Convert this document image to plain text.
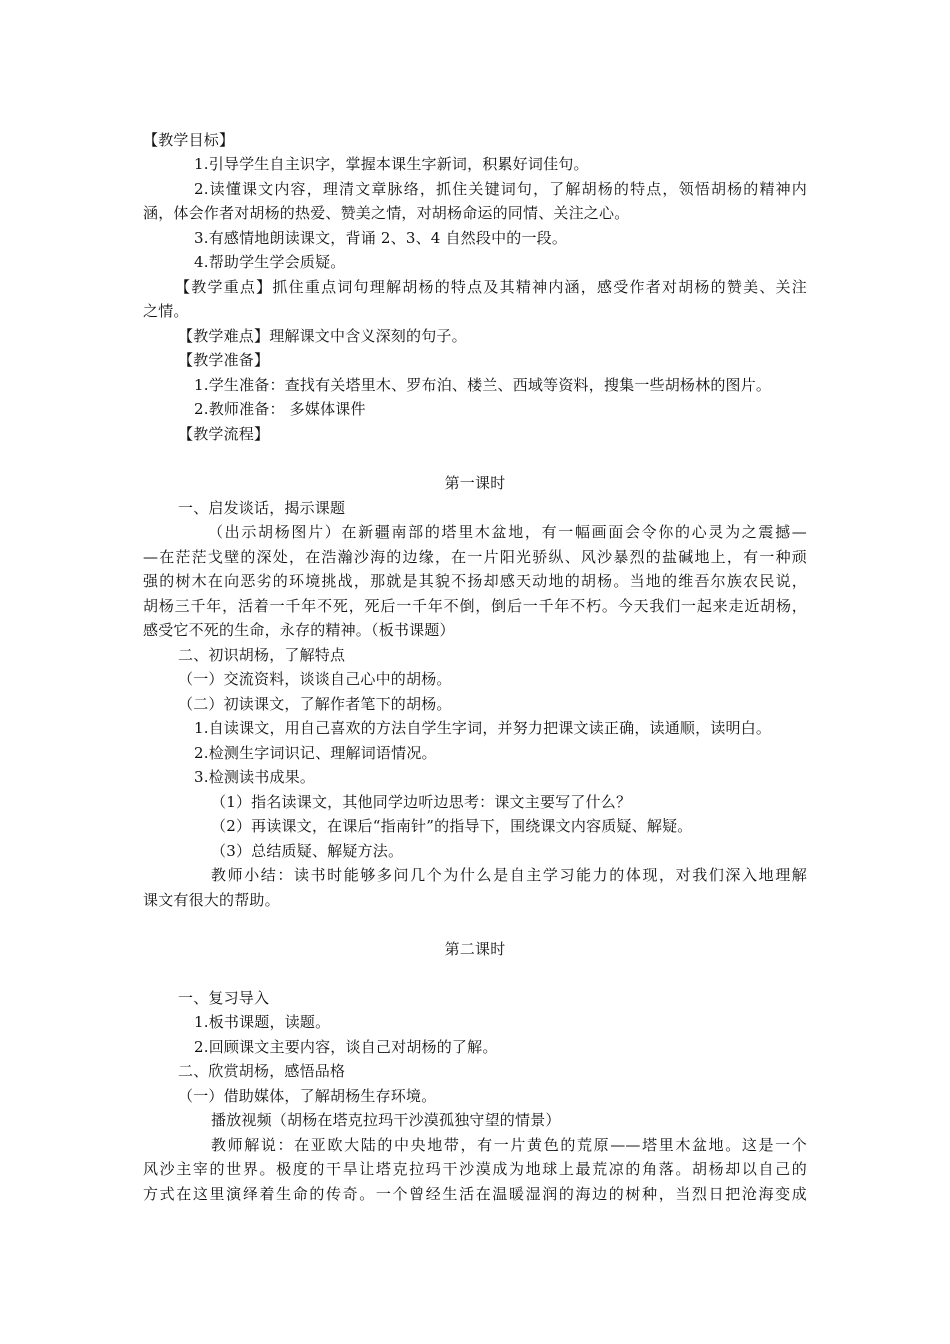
【教学目标】

1.引导学生自主识字，掌握本课生字新词，积累好词佳句。

2.读懂课文内容，理清文章脉络，抓住关键词句，了解胡杨的特点，领悟胡杨的精神内

涵，体会作者对胡杨的热爱、赞美之情，对胡杨命运的同情、关注之心。

3.有感情地朗读课文，背诵 2、3、4 自然段中的一段。

4.帮助学生学会质疑。

【教学重点】抓住重点词句理解胡杨的特点及其精神内涵，感受作者对胡杨的赞美、关注

之情。

【教学难点】理解课文中含义深刻的句子。

【教学准备】

1.学生准备：查找有关塔里木、罗布泊、楼兰、西域等资料，搜集一些胡杨林的图片。

2.教师准备： 多媒体课件

【教学流程】

第一课时

一、启发谈话，揭示课题

（出示胡杨图片）在新疆南部的塔里木盆地，有一幅画面会令你的心灵为之震撼—

—在茫茫戈壁的深处，在浩瀚沙海的边缘，在一片阳光骄纵、风沙暴烈的盐碱地上，有一种顽

强的树木在向恶劣的环境挑战，那就是其貌不扬却感天动地的胡杨。当地的维吾尔族农民说，

胡杨三千年，活着一千年不死，死后一千年不倒，倒后一千年不朽。今天我们一起来走近胡杨，

感受它不死的生命，永存的精神。（板书课题）

二、初识胡杨，了解特点

（一）交流资料，谈谈自己心中的胡杨。

（二）初读课文，了解作者笔下的胡杨。

1.自读课文，用自己喜欢的方法自学生字词，并努力把课文读正确，读通顺，读明白。

2.检测生字词识记、理解词语情况。

3.检测读书成果。

（1）指名读课文，其他同学边听边思考：课文主要写了什么？

（2）再读课文，在课后“指南针”的指导下，围绕课文内容质疑、解疑。

（3）总结质疑、解疑方法。

教师小结：读书时能够多问几个为什么是自主学习能力的体现，对我们深入地理解

课文有很大的帮助。

第二课时

一、复习导入

1.板书课题，读题。

2.回顾课文主要内容，谈自己对胡杨的了解。

二、欣赏胡杨，感悟品格

（一）借助媒体，了解胡杨生存环境。

播放视频（胡杨在塔克拉玛干沙漠孤独守望的情景）

教师解说：在亚欧大陆的中央地带，有一片黄色的荒原——塔里木盆地。这是一个

风沙主宰的世界。极度的干旱让塔克拉玛干沙漠成为地球上最荒凉的角落。胡杨却以自己的

方式在这里演绎着生命的传奇。一个曾经生活在温暖湿润的海边的树种，当烈日把沧海变成
